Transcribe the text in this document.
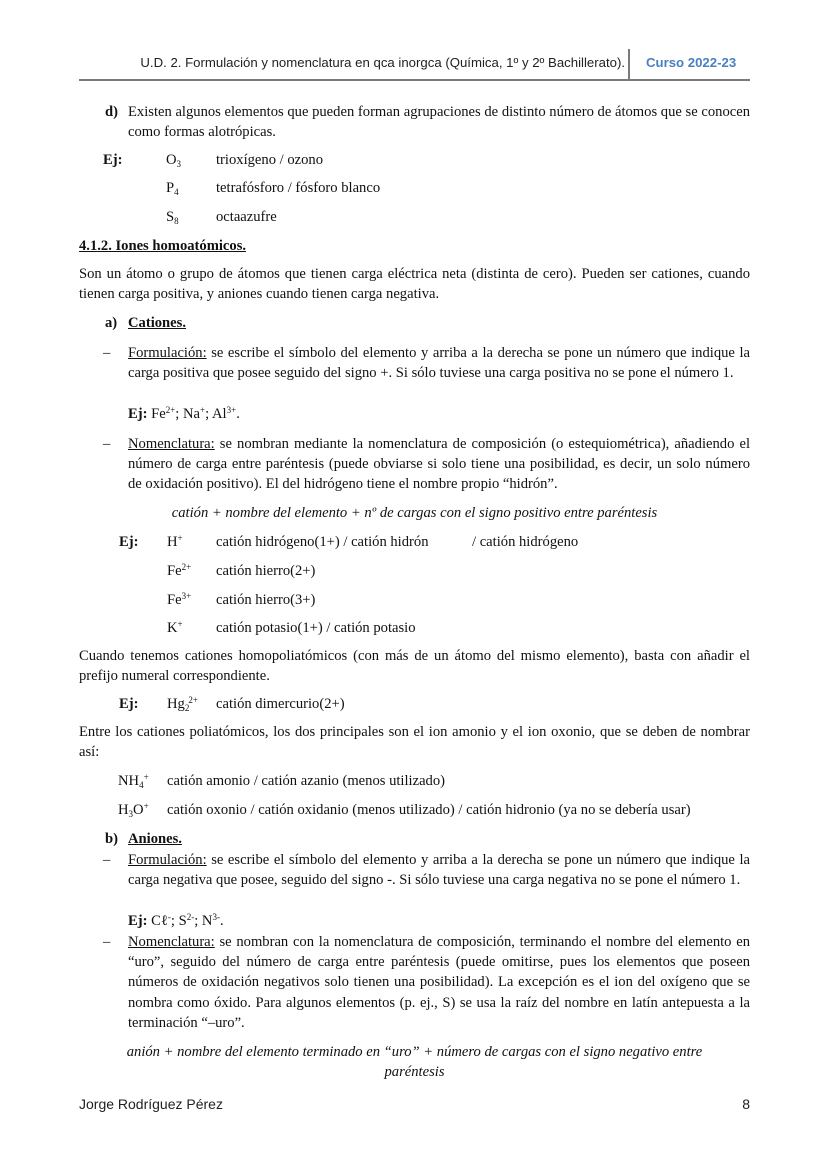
U.D. 2. Formulación y nomenclatura en qca inorgca (Química, 1º y 2º Bachillerato). Curso 2022-23
d) Existen algunos elementos que pueden forman agrupaciones de distinto número de átomos que se conocen como formas alotrópicas.
Ej:	$O_3$ trioxígeno / ozono
$P_4$	tetrafósforo / fósforo blanco
$S_8$	octaazufre
4.1.2. Iones homoatómicos.
Son un átomo o grupo de átomos que tienen carga eléctrica neta (distinta de cero). Pueden ser cationes, cuando tienen carga positiva, y aniones cuando tienen carga negativa.
a) Cationes.
– Formulación: se escribe el símbolo del elemento y arriba a la derecha se pone un número que indique la carga positiva que posee seguido del signo +. Si sólo tuviese una carga positiva no se pone el número 1.
Ej: $Fe^{2+}$; Na+; $Al^{3+}$.
– Nomenclatura: se nombran mediante la nomenclatura de composición (o estequiométrica), añadiendo el número de carga entre paréntesis (puede obviarse si solo tiene una posibilidad, es decir, un solo número de oxidación positivo). El del hidrógeno tiene el nombre propio “hidrón”.
catión + nombre del elemento + nº de cargas con el signo positivo entre paréntesis
Ej: H+ catión hidrógeno(1+) / catión hidrón	/ catión hidrógeno
$Fe^{2+}$ catión hierro(2+)
$Fe^{3+}$ catión hierro(3+)
K+ catión potasio(1+) / catión potasio
Cuando tenemos cationes homopoliatómicos (con más de un átomo del mismo elemento), basta con añadir el prefijo numeral correspondiente.
Ej: $Hg_2^{2+}$ catión dimercurio(2+)
Entre los cationes poliatómicos, los dos principales son el ion amonio y el ion oxonio, que se deben de nombrar así:
$NH_4^+$ catión amonio / catión azanio (menos utilizado)
$H_3O^+$ catión oxonio / catión oxidanio (menos utilizado) / catión hidronio (ya no se debería usar)
b) Aniones.
– Formulación: se escribe el símbolo del elemento y arriba a la derecha se pone un número que indique la carga negativa que posee, seguido del signo -. Si sólo tuviese una carga negativa no se pone el número 1.
Ej: Cℓ-; $S^{2-}$; $N^{3-}$.
– Nomenclatura: se nombran con la nomenclatura de composición, terminando el nombre del elemento en “uro”, seguido del número de carga entre paréntesis (puede omitirse, pues los elementos que poseen números de oxidación negativos solo tienen una posibilidad). La excepción es el ion del oxígeno que se nombra como óxido. Para algunos elementos (p. ej., S) se usa la raíz del nombre en latín antepuesta a la terminación “–uro”.
anión + nombre del elemento terminado en “uro” + número de cargas con el signo negativo entre
paréntesis
Jorge Rodríguez Pérez	8
